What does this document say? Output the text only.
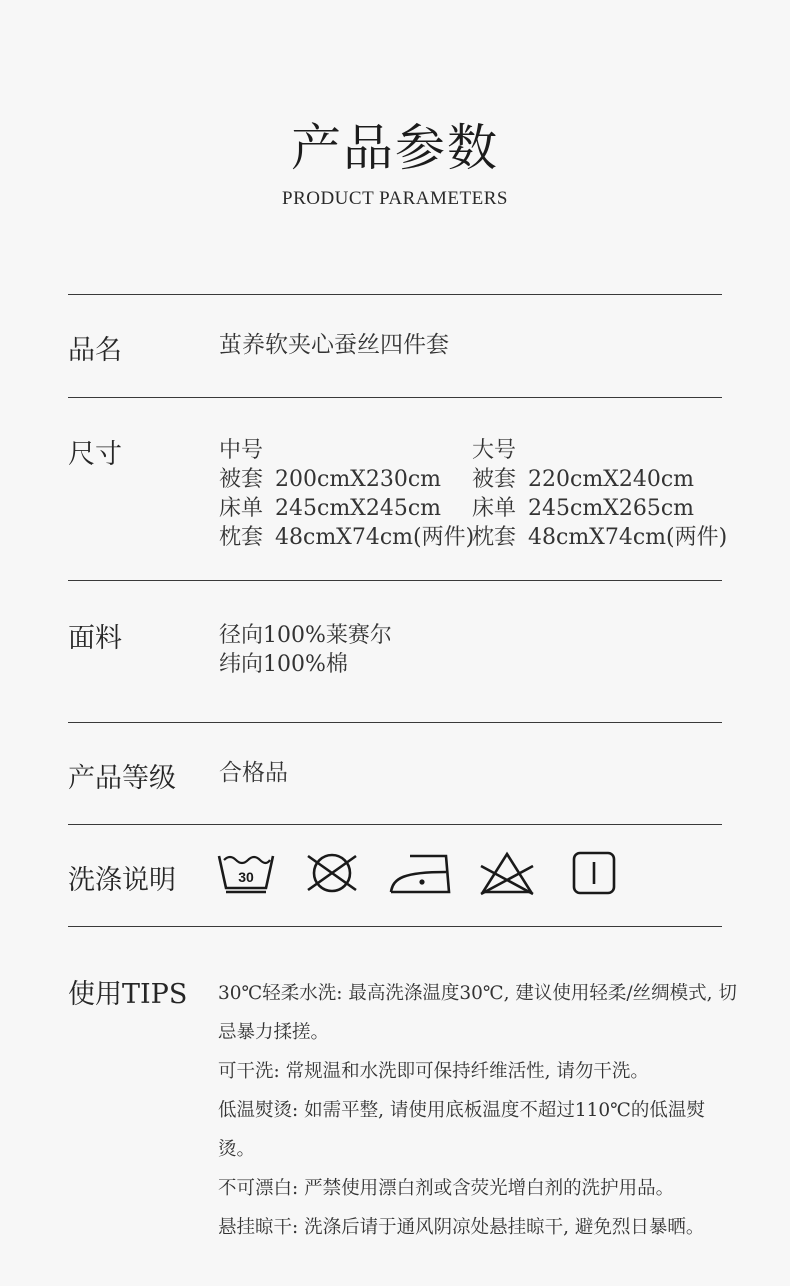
产品参数
PRODUCT PARAMETERS
品名	茧养软夹心蚕丝四件套
尺寸	中号
被套 200cmX230cm
床单 245cmX245cm
枕套 48cmX74cm(两件)
大号
被套 220cmX240cm
床单 245cmX265cm
枕套 48cmX74cm(两件)
面料	径向100%莱赛尔
纬向100%棉
产品等级 合格品
洗涤说明	30
使用TIPS 30℃轻柔水洗: 最高洗涤温度30℃, 建议使用轻柔/丝绸模式, 切忌暴力揉搓。

可干洗: 常规温和水洗即可保持纤维活性, 请勿干洗。

低温熨烫: 如需平整, 请使用底板温度不超过110℃的低温熨烫。

不可漂白: 严禁使用漂白剂或含荧光增白剂的洗护用品。

悬挂晾干: 洗涤后请于通风阴凉处悬挂晾干, 避免烈日暴晒。
